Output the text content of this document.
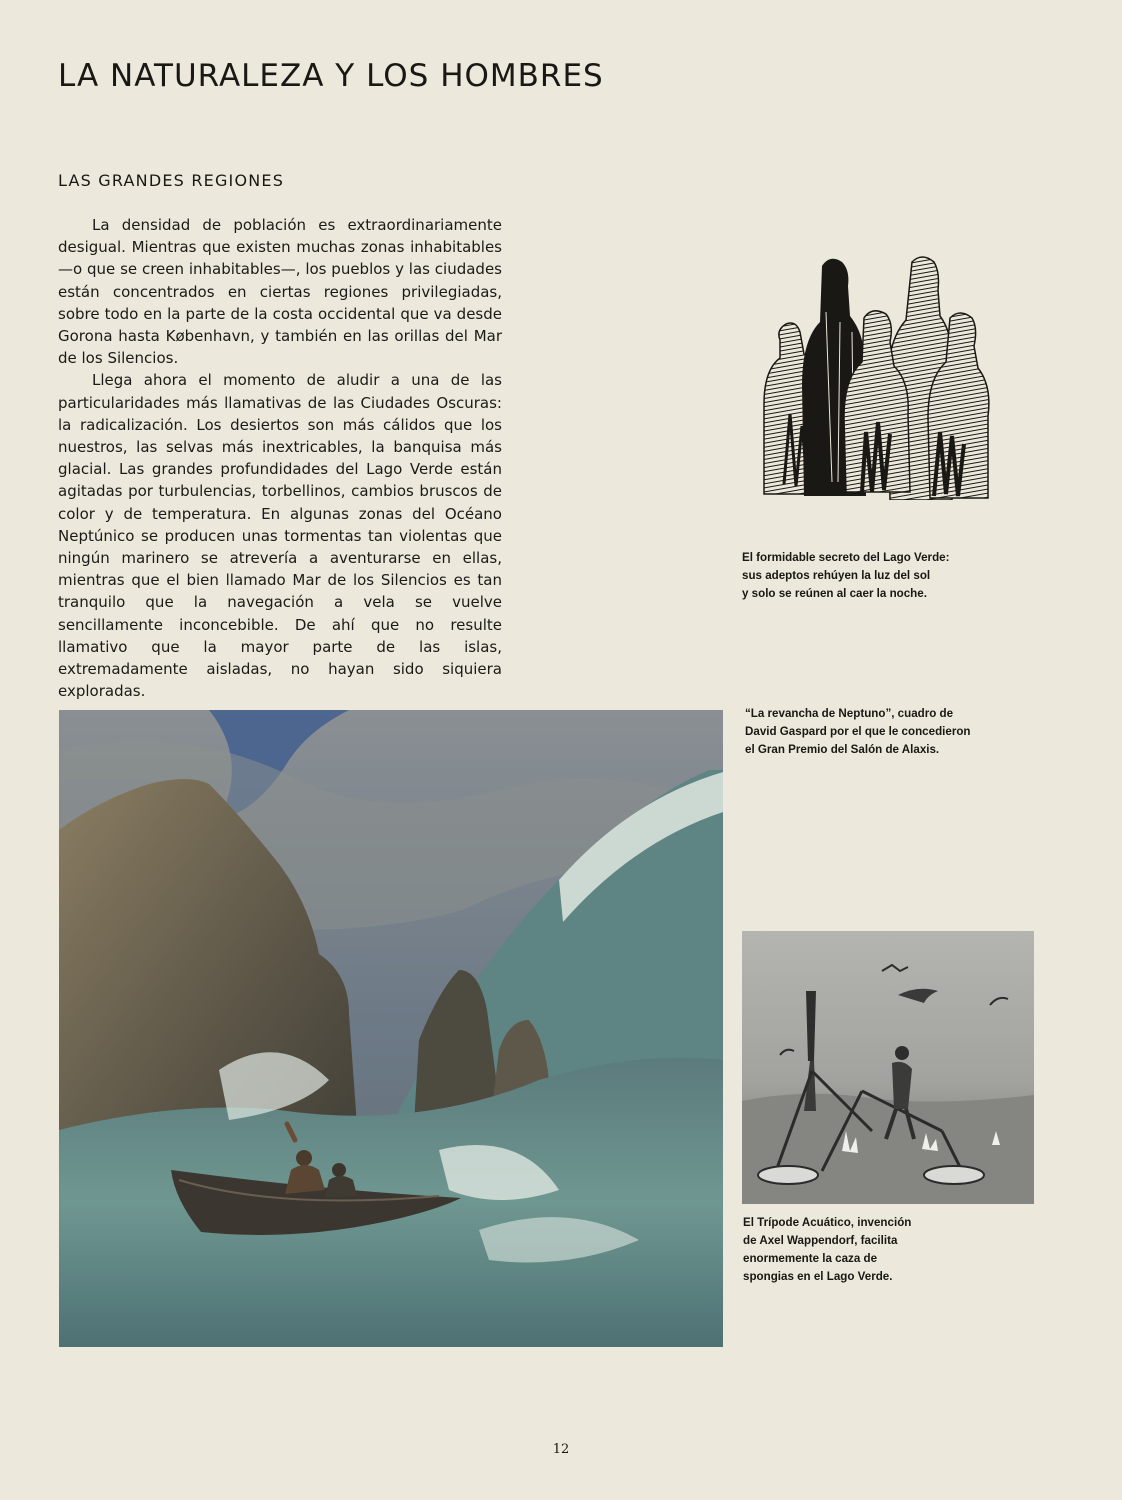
LA NATURALEZA Y LOS HOMBRES
LAS GRANDES REGIONES

La densidad de población es extraordinariamente desigual. Mientras que existen muchas zonas inhabitables —o que se creen inhabitables—, los pueblos y las ciudades están concentrados en ciertas regiones privilegiadas, sobre todo en la parte de la costa occidental que va desde Gorona hasta København, y también en las orillas del Mar de los Silencios.

Llega ahora el momento de aludir a una de las particularidades más llamativas de las Ciudades Oscuras: la radicalización. Los desiertos son más cálidos que los nuestros, las selvas más inextricables, la banquisa más glacial. Las grandes profundidades del Lago Verde están agitadas por turbulencias, torbellinos, cambios bruscos de color y de temperatura. En algunas zonas del Océano Neptúnico se producen unas tormentas tan violentas que ningún marinero se atrevería a aventurarse en ellas, mientras que el bien llamado Mar de los Silencios es tan tranquilo que la navegación a vela se vuelve sencillamente inconcebible. De ahí que no resulte llamativo que la mayor parte de las islas, extremadamente aisladas, no hayan sido siquiera exploradas.

El formidable secreto del Lago Verde:

sus adeptos rehúyen la luz del sol

y solo se reúnen al caer la noche.

“La revancha de Neptuno”, cuadro de

David Gaspard por el que le concedieron

el Gran Premio del Salón de Alaxis.

El Trípode Acuático, invención

de Axel Wappendorf, facilita

enormemente la caza de

spongias en el Lago Verde.

12
